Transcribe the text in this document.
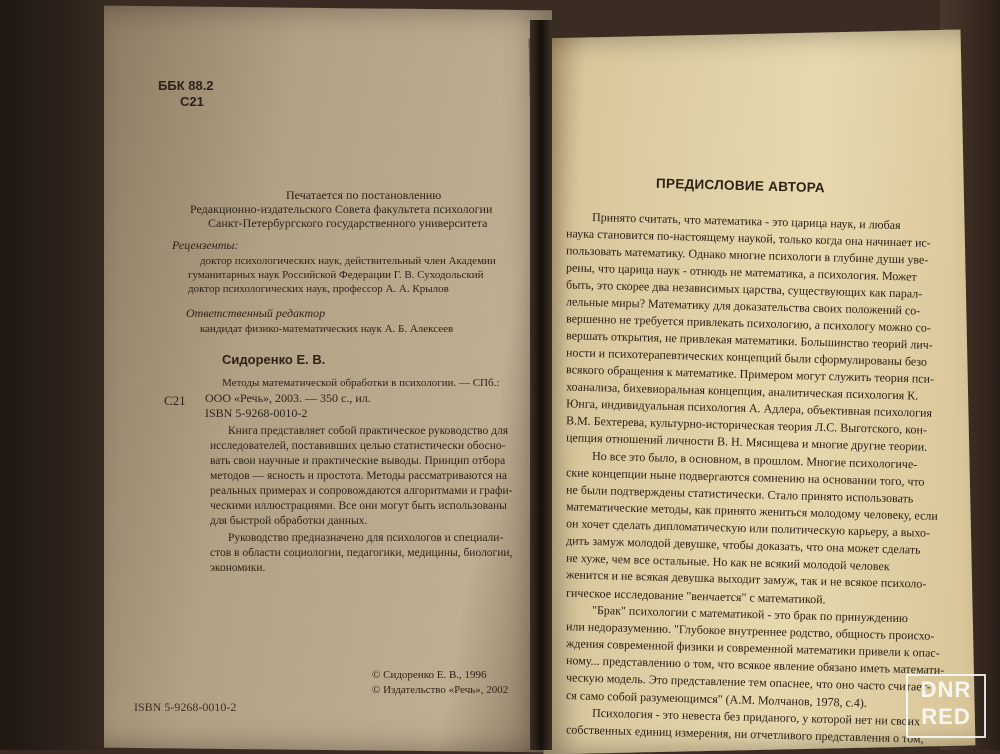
ББК 88.2
С21
Печатается по постановлению
Редакционно-издательского Совета факультета психологии
Санкт-Петербургского государственного университета
Рецензенты:
доктор психологических наук, действительный член Академии
гуманитарных наук Российской Федерации Г. В. Суходольский
доктор психологических наук, профессор А. А. Крылов
Ответственный редактор
кандидат физико-математических наук А. Б. Алексеев
Сидоренко Е. В.
С21
Методы математической обработки в психологии. — СПб.:
ООО «Речь», 2003. — 350 с., ил.
ISBN 5-9268-0010-2
Книга представляет собой практическое руководство для
исследователей, поставивших целью статистически обосно-
вать свои научные и практические выводы. Принцип отбора
методов — ясность и простота. Методы рассматриваются на
реальных примерах и сопровождаются алгоритмами и графи-
ческими иллюстрациями. Все они могут быть использованы
для быстрой обработки данных.
Руководство предназначено для психологов и специали-
стов в области социологии, педагогики, медицины, биологии,
экономики.
© Сидоренко Е. В., 1996
© Издательство «Речь», 2002
ISBN 5-9268-0010-2
ПРЕДИСЛОВИЕ АВТОРА
Принято считать, что математика - это царица наук, и любая
наука становится по-настоящему наукой, только когда она начинает ис-
пользовать математику. Однако многие психологи в глубине души уве-
рены, что царица наук - отнюдь не математика, а психология. Может
быть, это скорее два независимых царства, существующих как парал-
лельные миры? Математику для доказательства своих положений со-
вершенно не требуется привлекать психологию, а психологу можно со-
вершать открытия, не привлекая математики. Большинство теорий лич-
ности и психотерапевтических концепций были сформулированы безо
всякого обращения к математике. Примером могут служить теория пси-
хоанализа, бихевиоральная концепция, аналитическая психология К.
Юнга, индивидуальная психология А. Адлера, объективная психология
В.М. Бехтерева, культурно-историческая теория Л.С. Выготского, кон-
цепция отношений личности В. Н. Мясищева и многие другие теории.
Но все это было, в основном, в прошлом. Многие психологиче-
ские концепции ныне подвергаются сомнению на основании того, что
не были подтверждены статистически. Стало принято использовать
математические методы, как принято жениться молодому человеку, если
он хочет сделать дипломатическую или политическую карьеру, а выхо-
дить замуж молодой девушке, чтобы доказать, что она может сделать
не хуже, чем все остальные. Но как не всякий молодой человек
женится и не всякая девушка выходит замуж, так и не всякое психоло-
гическое исследование "венчается" с математикой.
"Брак" психологии с математикой - это брак по принуждению
или недоразумению. "Глубокое внутреннее родство, общность происхо-
ждения современной физики и современной математики привели к опас-
ному... представлению о том, что всякое явление обязано иметь математи-
ческую модель. Это представление тем опаснее, что оно часто считает-
ся само собой разумеющимся" (А.М. Молчанов, 1978, с.4).
Психология - это невеста без приданого, у которой нет ни своих
собственных единиц измерения, ни отчетливого представления о том,
DNR
RED
